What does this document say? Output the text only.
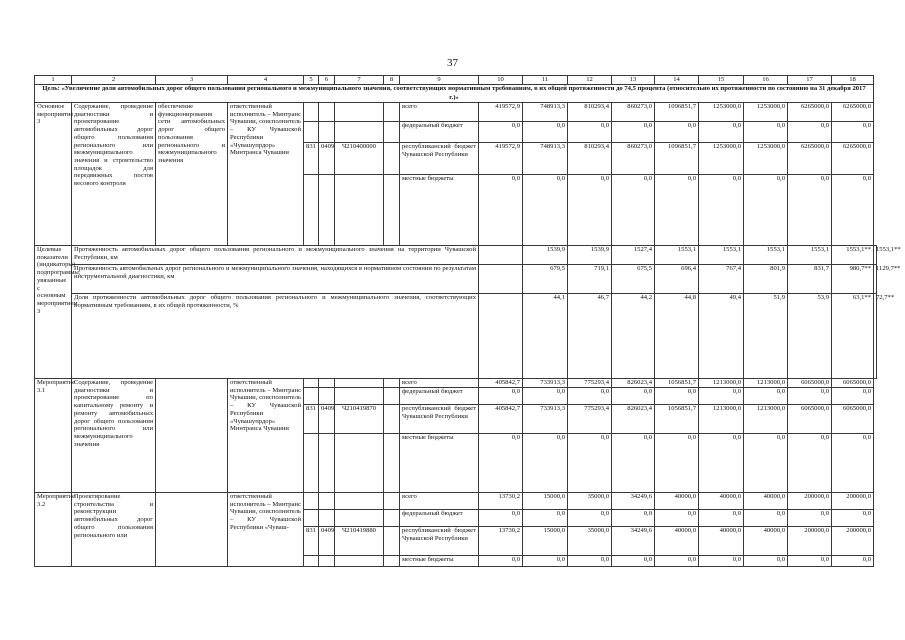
37
1	2	3	4	5	6	7	8	9	10	11	12	13	14	15	16	17	18	
Цель: «Увеличение доли автомобильных дорог общего пользования регионального и межмуниципального значения, соответствующих нормативным требованиям, в их общей протяженности до 74,5 процента (относительно их протяженности по состоянию на 31 декабря 2017 г.)»																		
Основное мероприятие 3	Содержание, проведение диагностики и проектирование автомобильных дорог общего пользования регионального или межмуниципального значения и строительство площадок для передвижных постов весового контроля	обеспечение функционирования сети автомобильных дорог общего пользования регионального и межмуниципального значения	ответственный исполнитель – Минтранс Чувашии, соисполнитель – КУ Чувашской Республики «Чувашупрдор» Минтранса Чувашии					всего	419572,9	748913,3	810293,4	860273,0	1096851,7	1253000,0	1253000,0	6265000,0	6265000,0	
								федеральный бюджет	0,0	0,0	0,0	0,0	0,0	0,0	0,0	0,0	0,0	
				831	0409	Ч210400000		республиканский бюджет Чувашской Республики	419572,9	748913,3	810293,4	860273,0	1096851,7	1253000,0	1253000,0	6265000,0	6265000,0	
								местные бюджеты	0,0	0,0	0,0	0,0	0,0	0,0	0,0	0,0	0,0	
Целевые показатели (индикаторы) подпрограммы, увязанные с основным мероприятием 3	Протяженность автомобильных дорог общего пользования регионального и межмуниципального значения на территории Чувашской Республики, км									1539,9	1539,9	1527,4	1553,1	1553,1	1553,1	1553,1	1553,1**	1553,1**
	Протяженность автомобильных дорог регионального и межмуниципального значения, находящихся в нормативном состоянии по результатам инструментальной диагностики, км									679,5	719,1	675,5	696,4	767,4	801,9	831,7	980,7**	1129,7**
	Доля протяженности автомобильных дорог общего пользования регионального и межмуниципального значения, соответствующих нормативным требованиям, в их общей протяженности, %									44,1	46,7	44,2	44,8	49,4	51,9	53,9	63,1**	72,7**
Мероприятие 3.1	Содержание, проведение диагностики и проектирование по капитальному ремонту и ремонту автомобильных дорог общего пользования регионального или межмуниципального значения		ответственный исполнитель – Минтранс Чувашии, соисполнитель – КУ Чувашской Республики «Чувашупрдор» Минтранса Чувашии					всего	405842,7	733913,3	775293,4	826023,4	1056851,7	1213000,0	1213000,0	6065000,0	6065000,0	
								федеральный бюджет	0,0	0,0	0,0	0,0	0,0	0,0	0,0	0,0	0,0	
				831	0409	Ч210419870		республиканский бюджет Чувашской Республики	405842,7	733913,3	775293,4	826023,4	1056851,7	1213000,0	1213000,0	6065000,0	6065000,0	
								местные бюджеты	0,0	0,0	0,0	0,0	0,0	0,0	0,0	0,0	0,0	
Мероприятие 3.2	Проектирование строительства и реконструкции автомобильных дорог общего пользования регионального или		ответственный исполнитель – Минтранс Чувашии, соисполнитель – КУ Чувашской Республики «Чуваш-					всего	13730,2	15000,0	35000,0	34249,6	40000,0	40000,0	40000,0	200000,0	200000,0	
								федеральный бюджет	0,0	0,0	0,0	0,0	0,0	0,0	0,0	0,0	0,0	
				831	0409	Ч210419880		республиканский бюджет Чувашской Республики	13730,2	15000,0	35000,0	34249,6	40000,0	40000,0	40000,0	200000,0	200000,0	
								местные бюджеты	0,0	0,0	0,0	0,0	0,0	0,0	0,0	0,0	0,0	
